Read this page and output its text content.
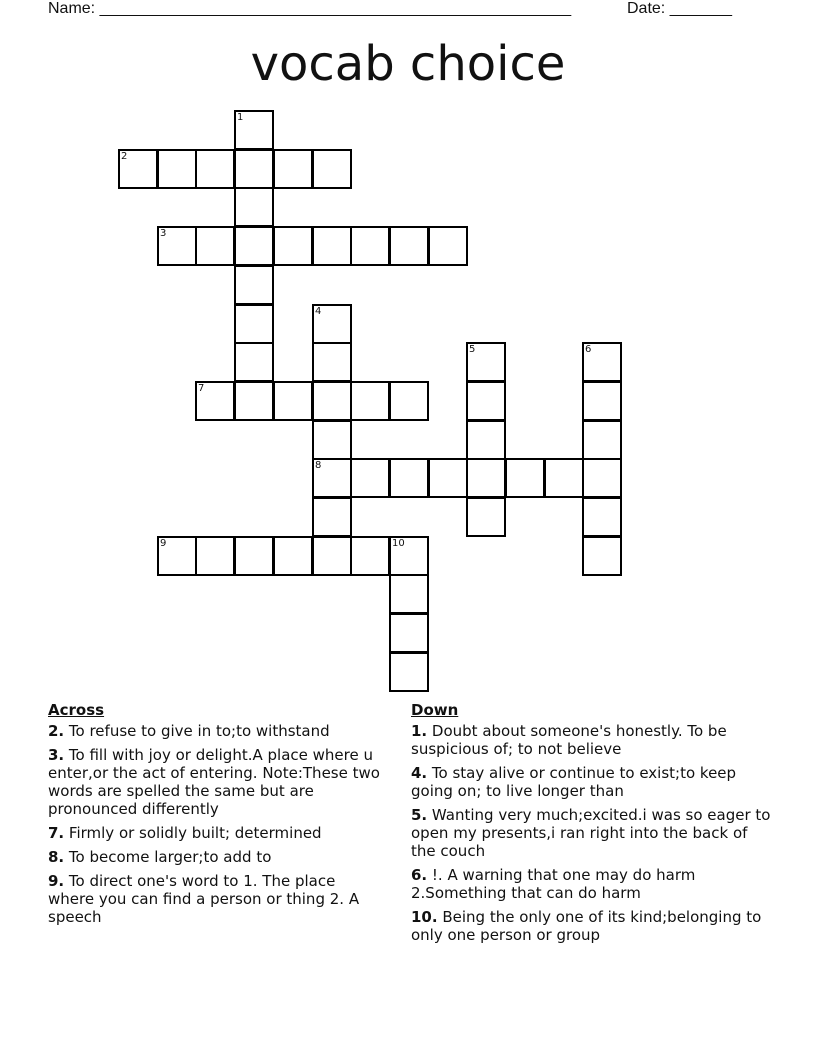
Name: _____________________________________________________	Date: _______
vocab choice
1
2
3
4
5	6
7
8
9	10
Across
2. To refuse to give in to;to withstand
3. To fill with joy or delight.A place where u enter,or the act of entering. Note:These two words are spelled the same but are pronounced differently
7. Firmly or solidly built; determined
8. To become larger;to add to
9. To direct one's word to 1. The place where you can find a person or thing 2. A speech
Down
1. Doubt about someone's honestly. To be suspicious of; to not believe
4. To stay alive or continue to exist;to keep going on; to live longer than
5. Wanting very much;excited.i was so eager to open my presents,i ran right into the back of the couch
6. !. A warning that one may do harm 2.Something that can do harm
10. Being the only one of its kind;belonging to only one person or group
